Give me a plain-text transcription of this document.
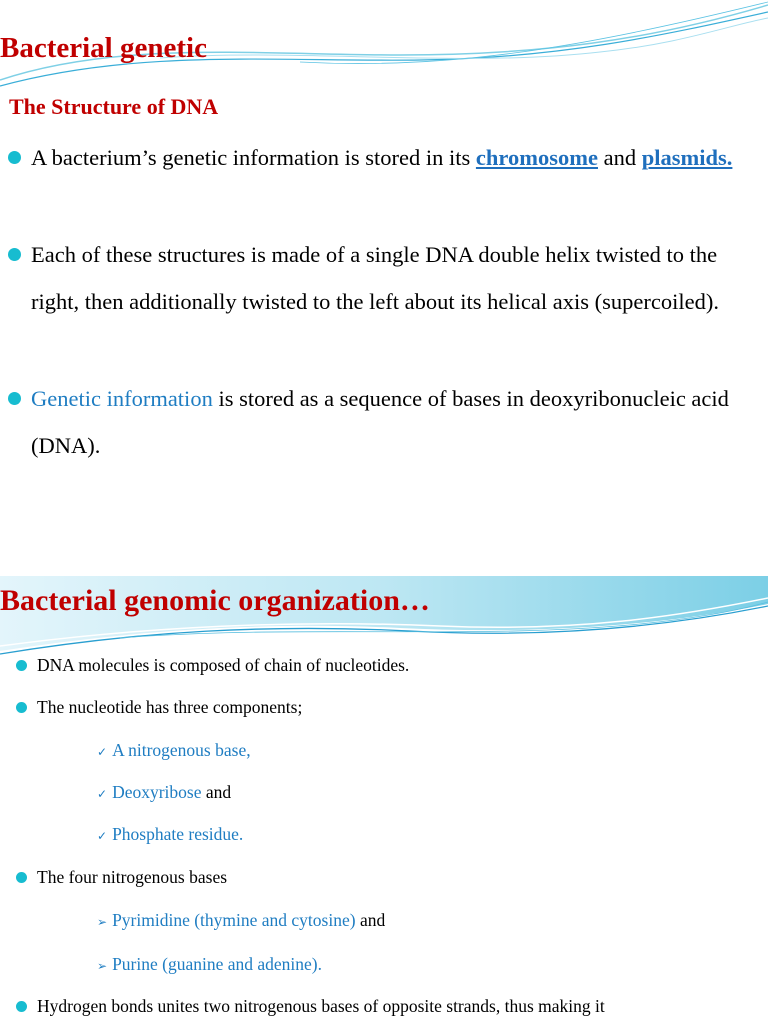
Bacterial genetic
The Structure of DNA

A bacterium’s genetic information is stored in its chromosome and plasmids.

Each of these structures is made of a single DNA double helix twisted to the right, then additionally twisted to the left about its helical axis (supercoiled).

Genetic information is stored as a sequence of bases in deoxyribonucleic acid (DNA).

Bacterial genomic organization…

DNA molecules is composed of chain of nucleotides.

The nucleotide has three components;

✓ A nitrogenous base,
✓ Deoxyribose and
✓ Phosphate residue.

The four nitrogenous bases

➢ Pyrimidine (thymine and cytosine) and
➢ Purine (guanine and adenine).

Hydrogen bonds unites two nitrogenous bases of opposite strands, thus making it
